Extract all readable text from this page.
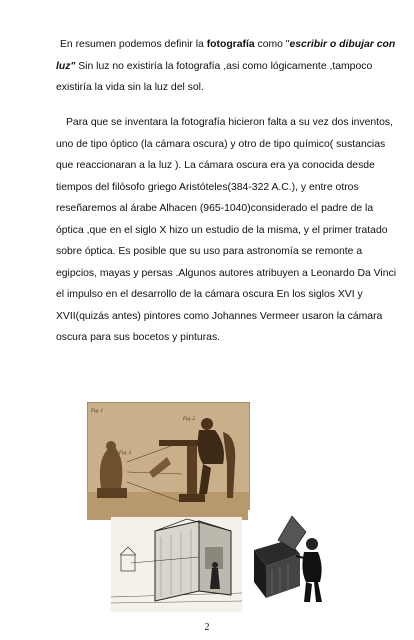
En resumen podemos definir la fotografía como "escribir o dibujar con luz" Sin luz no existiría la fotografía ,asi como lógicamente ,tampoco existiría la vida sin la luz del sol.

Para que se inventara la fotografía hicieron falta a su vez dos inventos, uno de tipo óptico (la cámara oscura) y otro de tipo químico( sustancias que reaccionaran a la luz ). La cámara oscura era ya conocida desde tiempos del filósofo griego Aristóteles(384-322 A.C.), y entre otros reseñaremos al árabe Alhacen (965-1040)considerado el padre de la óptica ,que en el siglo X hizo un estudio de la misma, y el primer tratado sobre óptica. Es posible que su uso para astronomía se remonte a egipcios, mayas y persas .Algunos autores atribuyen a Leonardo Da Vinci el impulso en el desarrollo de la cámara oscura En los siglos XVI y XVII(quizás antes) pintores como Johannes Vermeer usaron la cámara oscura para sus bocetos y pinturas.

Fig. 1
Fig. 2
Fig. 3
2
